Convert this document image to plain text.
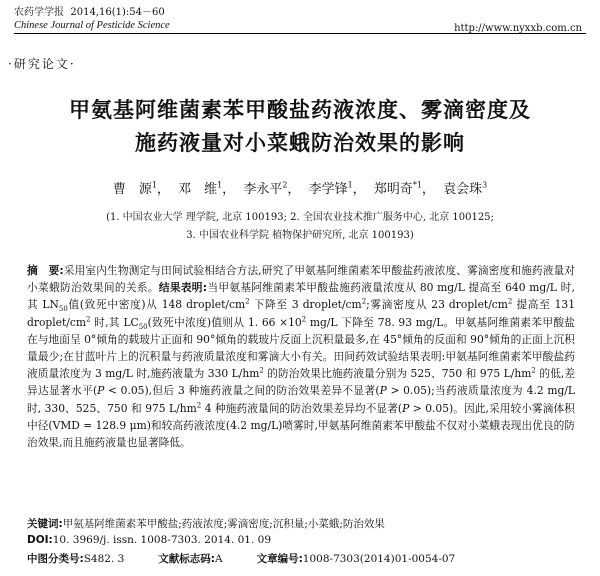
农药学学报 2014,16(1):54－60
Chinese Journal of Pesticide Science	http://www.nyxxb.com.cn
·研究论文·
甲氨基阿维菌素苯甲酸盐药液浓度、雾滴密度及
施药液量对小菜蛾防治效果的影响
曹　源$^1$， 邓　维$^1$， 李永平$^2$， 李学锋$^1$， 郑明奇$^{*1}$， 袁会珠$^3$
(1. 中国农业大学 理学院, 北京 100193; 2. 全国农业技术推广服务中心, 北京 100125;
3. 中国农业科学院 植物保护研究所, 北京 100193)
摘　要:采用室内生物测定与田间试验相结合方法,研究了甲氨基阿维菌素苯甲酸盐药液浓度、雾滴密度和施药液量对小菜蛾防治效果间的关系。结果表明:当甲氨基阿维菌素苯甲酸盐施药液量浓度从 80 mg/L 提高至 640 mg/L 时, 其 $LN_{50}$值(致死中密度)从 148 droplet/$cm^2$ 下降至 3 droplet/$cm^2$;雾滴密度从 23 droplet/$cm^2$ 提高至 131 droplet/$cm^2$ 时,其 $LC_{50}$(致死中浓度)值则从 1. $66 \times 10^2$ mg/L 下降至 78. 93 mg/L。甲氨基阿维菌素苯甲酸盐在与地面呈 0°倾角的载玻片正面和 90°倾角的载玻片反面上沉积量最多,在 45°倾角的反面和 90°倾角的正面上沉积量最少;在甘蓝叶片上的沉积量与药液质量浓度和雾滴大小有关。田间药效试验结果表明:甲氨基阿维菌素苯甲酸盐药液质量浓度为 3 mg/L 时,施药液量为 330 $L/hm^2$ 的防治效果比施药液量分别为 525、750 和 975 $L/hm^2$ 的低,差异达显著水平(P < 0.05),但后 3 种施药液量之间的防治效果差异不显著(P > 0.05);当药液质量浓度为 4.2 mg/L 时, 330、525、750 和 975 $L/hm^2$ 4 种施药液量间的防治效果差异均不显著(P > 0.05)。因此,采用较小雾滴体积中径(VMD = 128.9 μm)和较高药液浓度(4.2 mg/L)喷雾时,甲氨基阿维菌素苯甲酸盐不仅对小菜蛾表现出优良的防治效果,而且施药液量也显著降低。
关键词:甲氨基阿维菌素苯甲酸盐;药液浓度;雾滴密度;沉积量;小菜蛾;防治效果
DOI:10. 3969/j. issn. 1008-7303. 2014. 01. 09
中图分类号:S482. 3	文献标志码:A	文章编号:1008-7303(2014)01-0054-07
